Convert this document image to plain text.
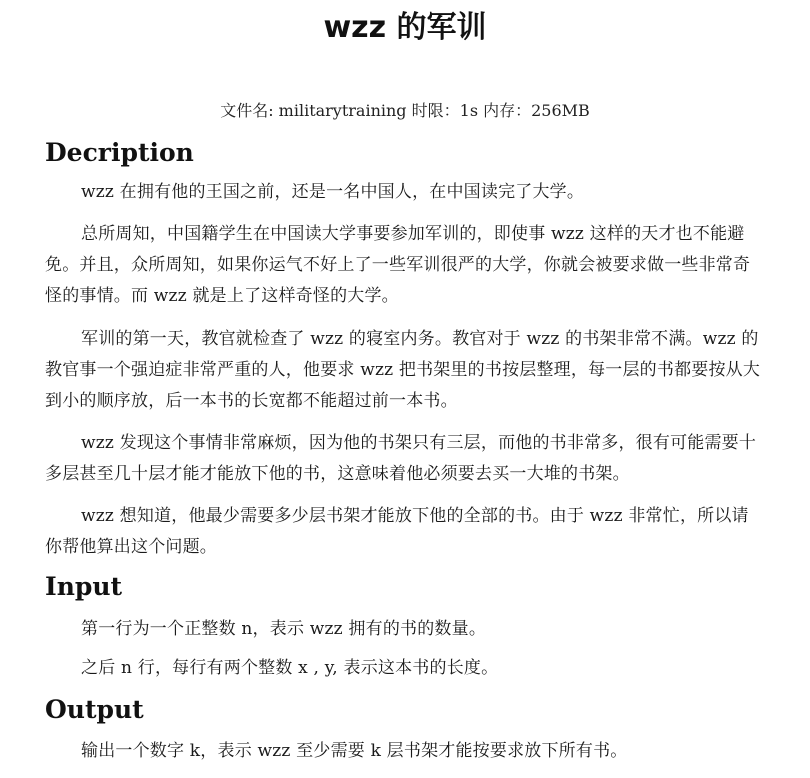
wzz 的军训
文件名: militarytraining 时限：1s 内存：256MB
Decription

wzz 在拥有他的王国之前，还是一名中国人，在中国读完了大学。

总所周知，中国籍学生在中国读大学事要参加军训的，即使事 wzz 这样的天才也不能避免。并且，众所周知，如果你运气不好上了一些军训很严的大学，你就会被要求做一些非常奇怪的事情。而 wzz 就是上了这样奇怪的大学。

军训的第一天，教官就检查了 wzz 的寝室内务。教官对于 wzz 的书架非常不满。wzz 的教官事一个强迫症非常严重的人，他要求 wzz 把书架里的书按层整理，每一层的书都要按从大到小的顺序放，后一本书的长宽都不能超过前一本书。

wzz 发现这个事情非常麻烦，因为他的书架只有三层，而他的书非常多，很有可能需要十多层甚至几十层才能才能放下他的书，这意味着他必须要去买一大堆的书架。

wzz 想知道，他最少需要多少层书架才能放下他的全部的书。由于 wzz 非常忙，所以请你帮他算出这个问题。

Input

第一行为一个正整数 n，表示 wzz 拥有的书的数量。

之后 n 行，每行有两个整数 x , y, 表示这本书的长度。

Output

输出一个数字 k，表示 wzz 至少需要 k 层书架才能按要求放下所有书。
